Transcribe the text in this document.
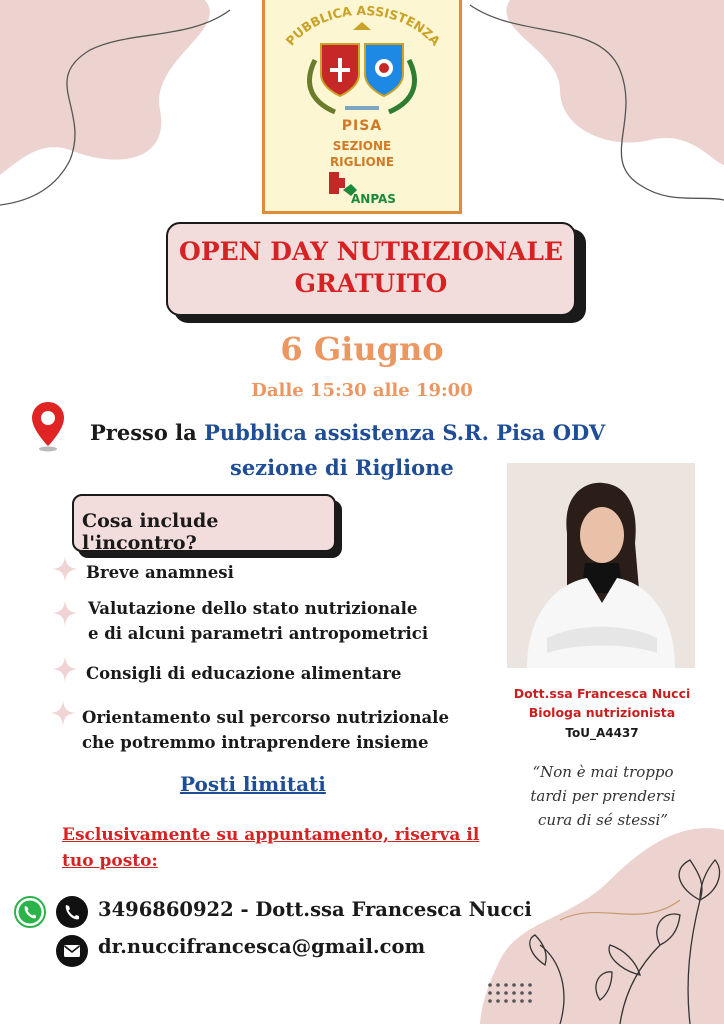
PUBBLICA ASSISTENZA
PISA
SEZIONE
RIGLIONE
ANPAS
OPEN DAY NUTRIZIONALE
GRATUITO
6 Giugno
Dalle 15:30 alle 19:00
Presso la Pubblica assistenza S.R. Pisa ODV
sezione di Riglione
Dott.ssa Francesca Nucci
Biologa nutrizionista
ToU_A4437
“Non è mai troppo
tardi per prendersi
cura di sé stessi”
Cosa include l'incontro?
Breve anamnesi
Valutazione dello stato nutrizionale
e di alcuni parametri antropometrici
Consigli di educazione alimentare
Orientamento sul percorso nutrizionale
che potremmo intraprendere insieme
Posti limitati
Esclusivamente su appuntamento, riserva il tuo posto:
3496860922 - Dott.ssa Francesca Nucci
dr.nuccifrancesca@gmail.com
